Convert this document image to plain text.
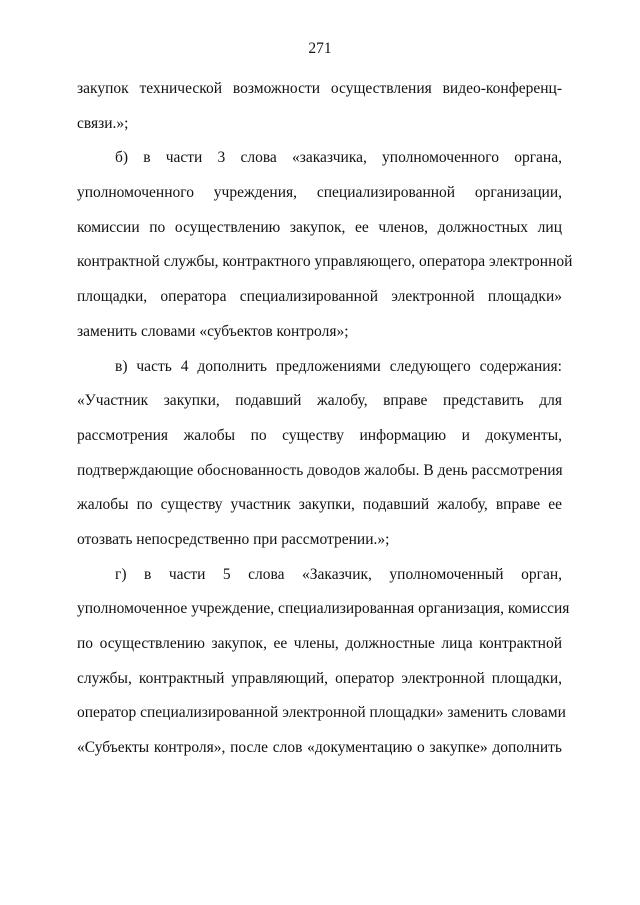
271
закупок технической возможности осуществления видео-конференц-
связи.»;
б) в части 3 слова «заказчика, уполномоченного органа,
уполномоченного учреждения, специализированной организации,
комиссии по осуществлению закупок, ее членов, должностных лиц
контрактной службы, контрактного управляющего, оператора электронной
площадки, оператора специализированной электронной площадки»
заменить словами «субъектов контроля»;
в) часть 4 дополнить предложениями следующего содержания:
«Участник закупки, подавший жалобу, вправе представить для
рассмотрения жалобы по существу информацию и документы,
подтверждающие обоснованность доводов жалобы. В день рассмотрения
жалобы по существу участник закупки, подавший жалобу, вправе ее
отозвать непосредственно при рассмотрении.»;
г) в части 5 слова «Заказчик, уполномоченный орган,
уполномоченное учреждение, специализированная организация, комиссия
по осуществлению закупок, ее члены, должностные лица контрактной
службы, контрактный управляющий, оператор электронной площадки,
оператор специализированной электронной площадки» заменить словами
«Субъекты контроля», после слов «документацию о закупке» дополнить
